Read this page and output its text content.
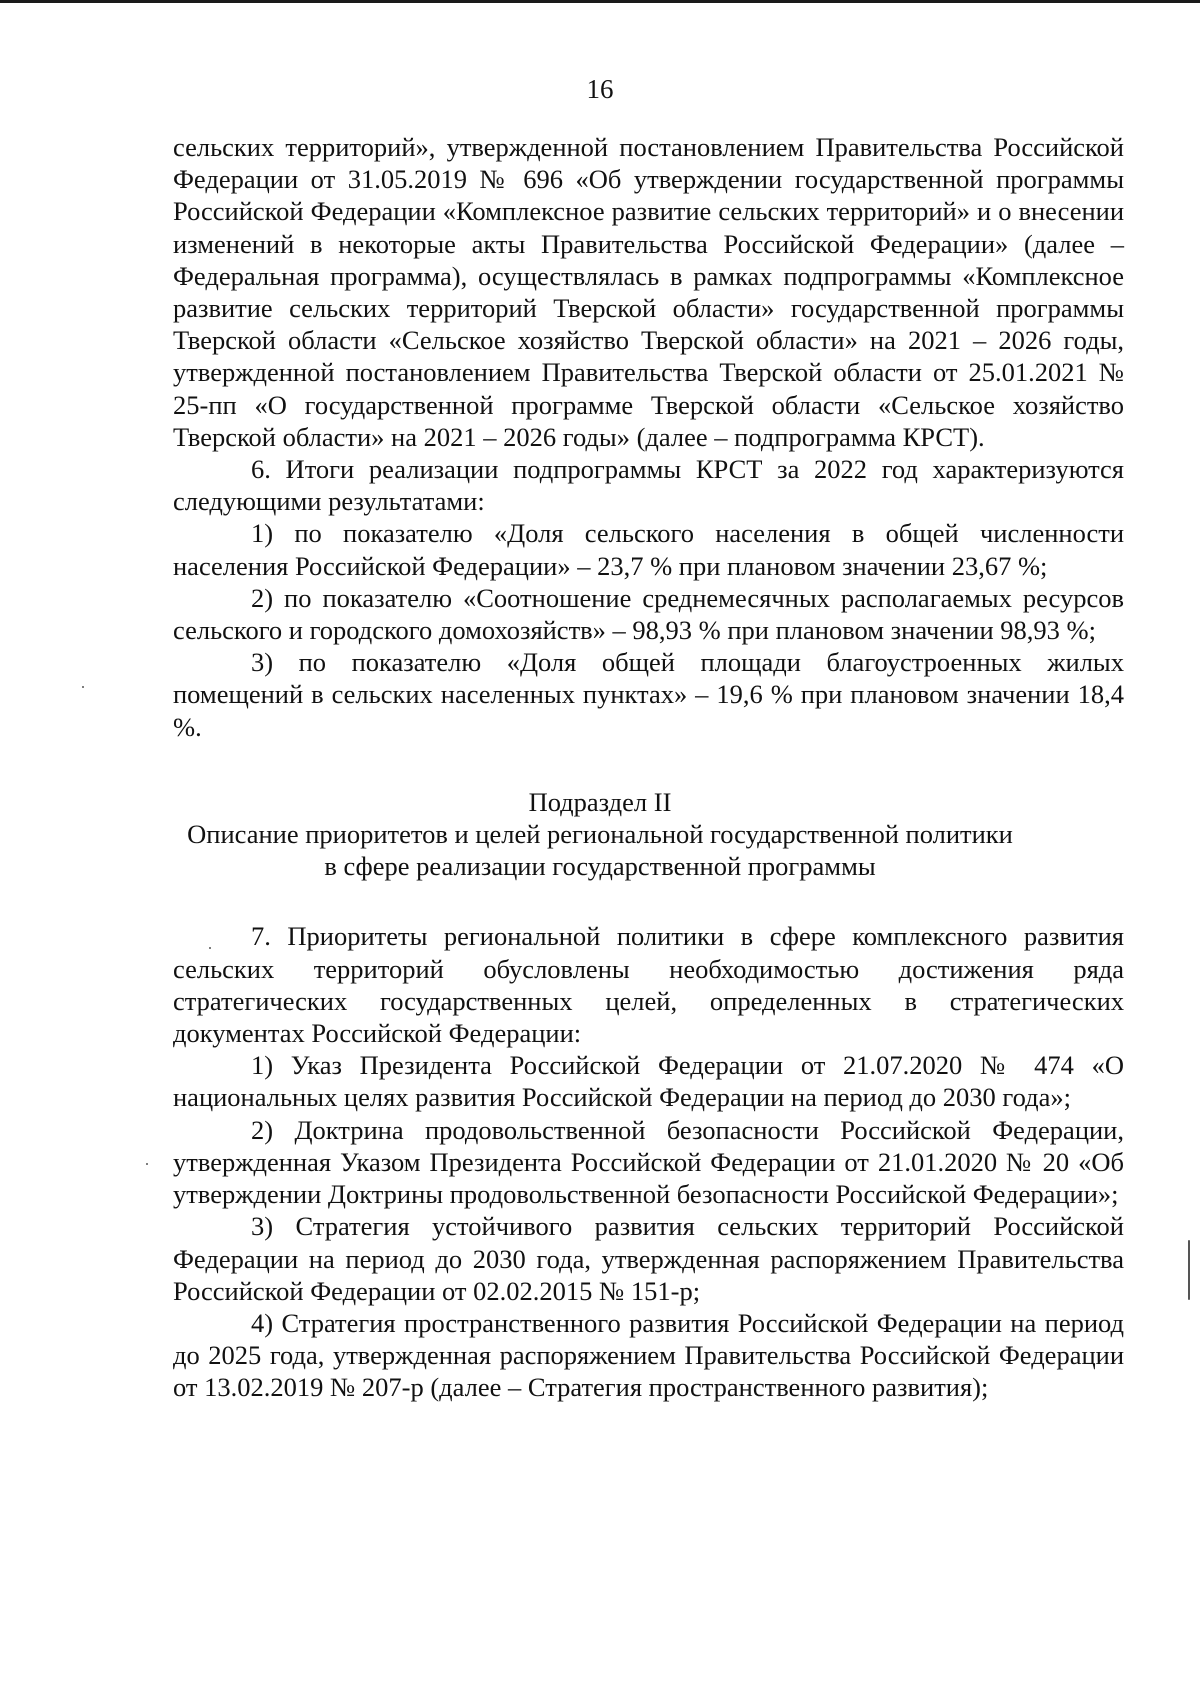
16

сельских территорий», утвержденной постановлением Правительства Российской Федерации от 31.05.2019 № 696 «Об утверждении государственной программы Российской Федерации «Комплексное развитие сельских территорий» и о внесении изменений в некоторые акты Правительства Российской Федерации» (далее – Федеральная программа), осуществлялась в рамках подпрограммы «Комплексное развитие сельских территорий Тверской области» государственной программы Тверской области «Сельское хозяйство Тверской области» на 2021 – 2026 годы, утвержденной постановлением Правительства Тверской области от 25.01.2021 № 25-пп «О государственной программе Тверской области «Сельское хозяйство Тверской области» на 2021 – 2026 годы» (далее – подпрограмма КРСТ).

6. Итоги реализации подпрограммы КРСТ за 2022 год характеризуются следующими результатами:

1) по показателю «Доля сельского населения в общей численности населения Российской Федерации» – 23,7 % при плановом значении 23,67 %;

2) по показателю «Соотношение среднемесячных располагаемых ресурсов сельского и городского домохозяйств» – 98,93 % при плановом значении 98,93 %;

3) по показателю «Доля общей площади благоустроенных жилых помещений в сельских населенных пунктах» – 19,6 % при плановом значении 18,4 %.

Подраздел II
Описание приоритетов и целей региональной государственной политики
в сфере реализации государственной программы

7. Приоритеты региональной политики в сфере комплексного развития сельских территорий обусловлены необходимостью достижения ряда стратегических государственных целей, определенных в стратегических документах Российской Федерации:

1) Указ Президента Российской Федерации от 21.07.2020 № 474 «О национальных целях развития Российской Федерации на период до 2030 года»;

2) Доктрина продовольственной безопасности Российской Федерации, утвержденная Указом Президента Российской Федерации от 21.01.2020 № 20 «Об утверждении Доктрины продовольственной безопасности Российской Федерации»;

3) Стратегия устойчивого развития сельских территорий Российской Федерации на период до 2030 года, утвержденная распоряжением Правительства Российской Федерации от 02.02.2015 № 151-р;

4) Стратегия пространственного развития Российской Федерации на период до 2025 года, утвержденная распоряжением Правительства Российской Федерации от 13.02.2019 № 207-р (далее – Стратегия пространственного развития);
